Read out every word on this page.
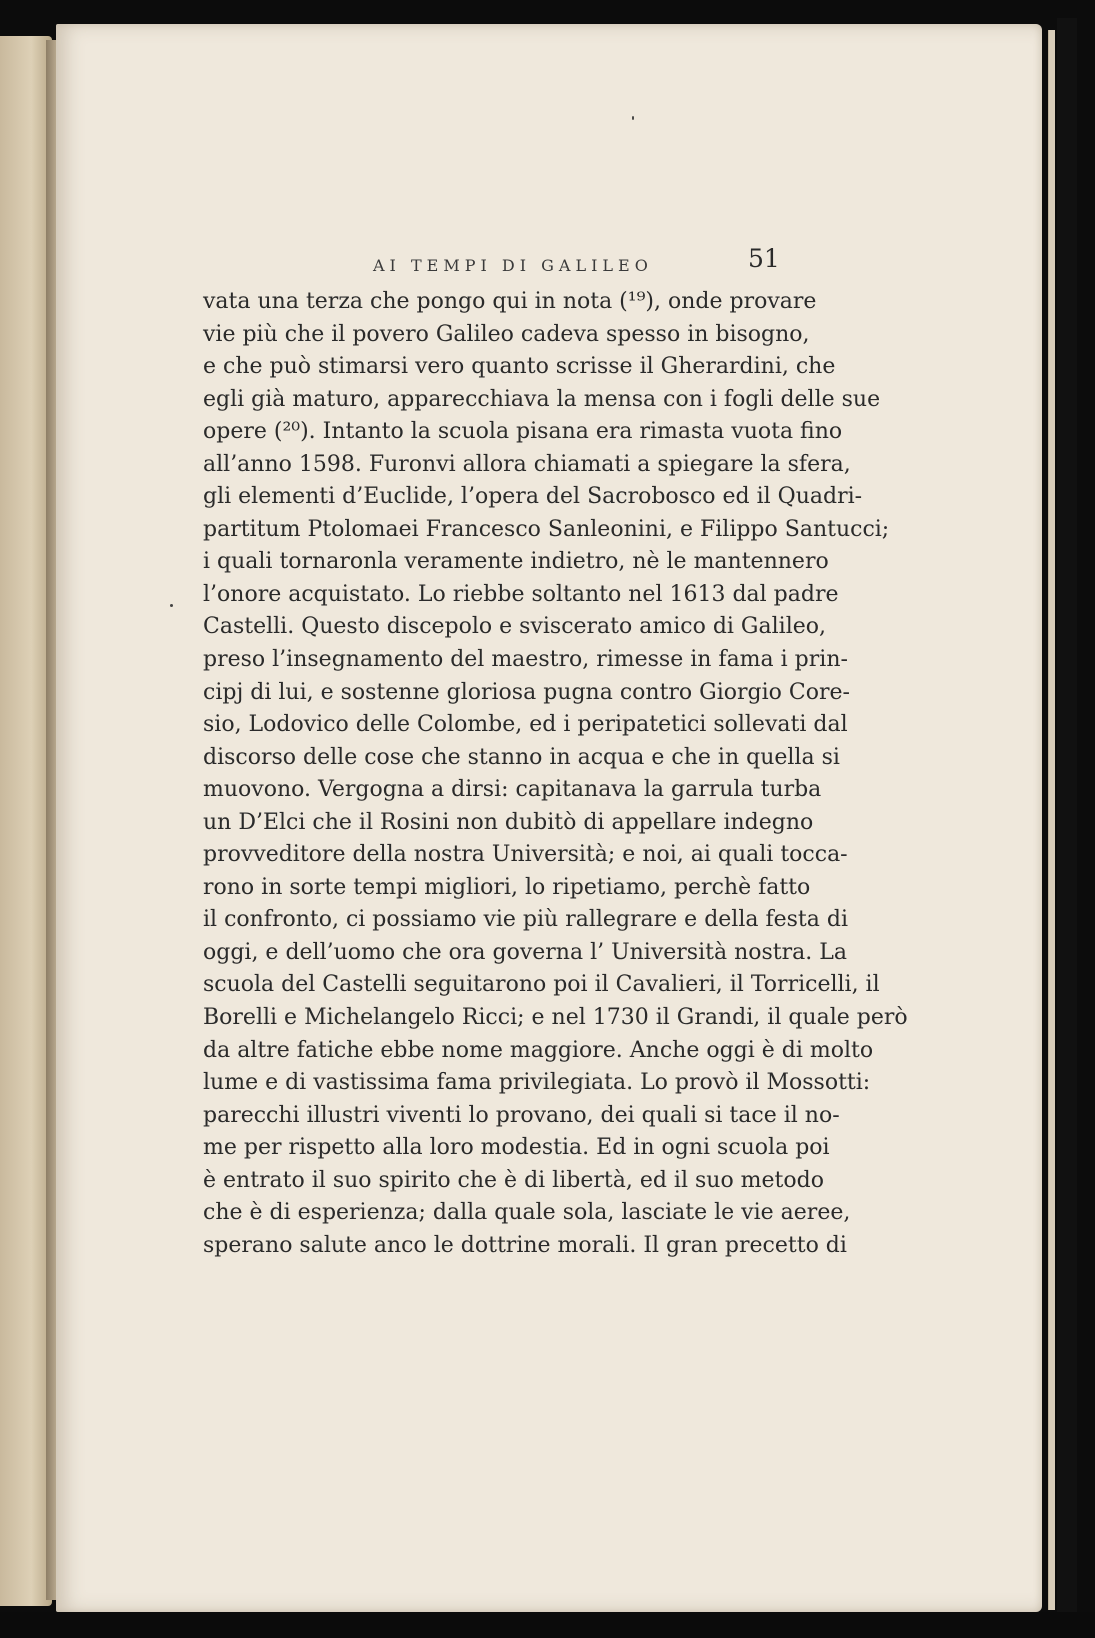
AI TEMPI DI GALILEO	51
vata una terza che pongo qui in nota (¹⁹), onde provare
vie più che il povero Galileo cadeva spesso in bisogno,
e che può stimarsi vero quanto scrisse il Gherardini, che
egli già maturo, apparecchiava la mensa con i fogli delle sue
opere (²⁰). Intanto la scuola pisana era rimasta vuota fino
all’anno 1598. Furonvi allora chiamati a spiegare la sfera,
gli elementi d’Euclide, l’opera del Sacrobosco ed il Quadri-
partitum Ptolomaei Francesco Sanleonini, e Filippo Santucci;
i quali tornaronla veramente indietro, nè le mantennero
l’onore acquistato. Lo riebbe soltanto nel 1613 dal padre
Castelli. Questo discepolo e sviscerato amico di Galileo,
preso l’insegnamento del maestro, rimesse in fama i prin-
cipj di lui, e sostenne gloriosa pugna contro Giorgio Core-
sio, Lodovico delle Colombe, ed i peripatetici sollevati dal
discorso delle cose che stanno in acqua e che in quella si
muovono. Vergogna a dirsi: capitanava la garrula turba
un D’Elci che il Rosini non dubitò di appellare indegno
provveditore della nostra Università; e noi, ai quali tocca-
rono in sorte tempi migliori, lo ripetiamo, perchè fatto
il confronto, ci possiamo vie più rallegrare e della festa di
oggi, e dell’uomo che ora governa l’ Università nostra. La
scuola del Castelli seguitarono poi il Cavalieri, il Torricelli, il
Borelli e Michelangelo Ricci; e nel 1730 il Grandi, il quale però
da altre fatiche ebbe nome maggiore. Anche oggi è di molto
lume e di vastissima fama privilegiata. Lo provò il Mossotti:
parecchi illustri viventi lo provano, dei quali si tace il no-
me per rispetto alla loro modestia. Ed in ogni scuola poi
è entrato il suo spirito che è di libertà, ed il suo metodo
che è di esperienza; dalla quale sola, lasciate le vie aeree,
sperano salute anco le dottrine morali. Il gran precetto di
